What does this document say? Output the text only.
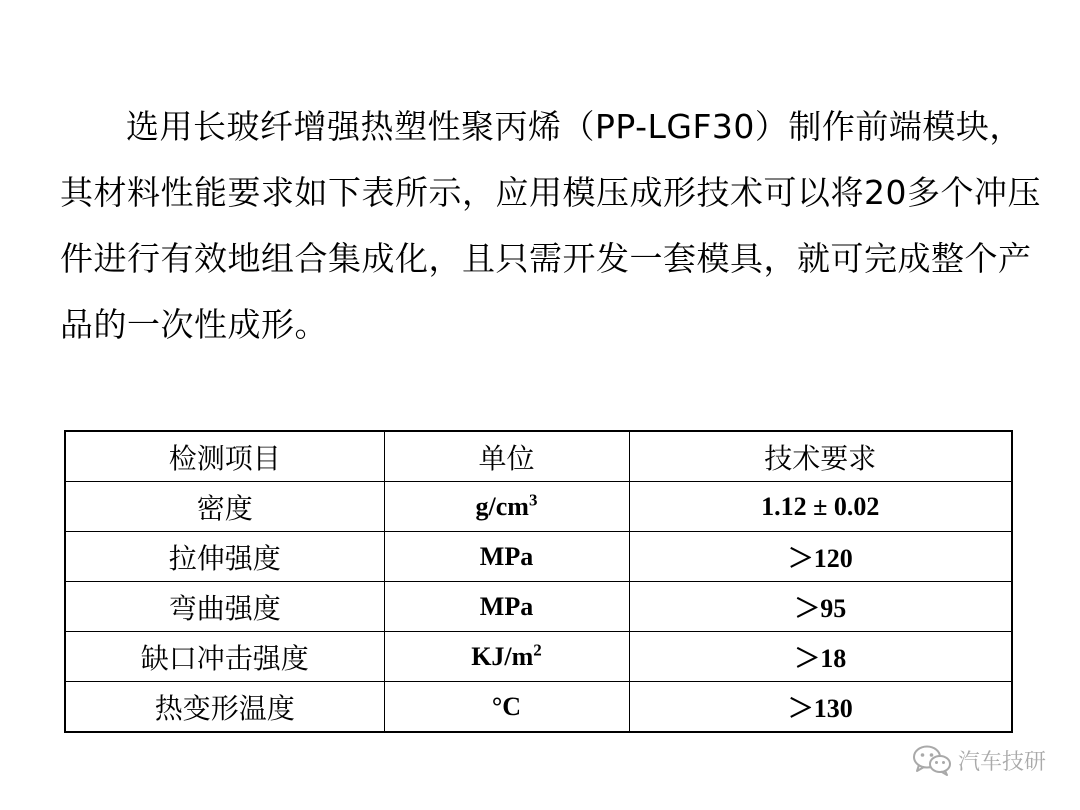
选用长玻纤增强热塑性聚丙烯（PP-LGF30）制作前端模块，其材料性能要求如下表所示，应用模压成形技术可以将20多个冲压件进行有效地组合集成化，且只需开发一套模具，就可完成整个产品的一次性成形。

检测项目	单位	技术要求
密度	$g/cm^3$	1.12 ± 0.02
拉伸强度	MPa	＞120
弯曲强度	MPa	＞95
缺口冲击强度	$KJ/m^2$	＞18
热变形温度	°C	＞130
汽车技研
